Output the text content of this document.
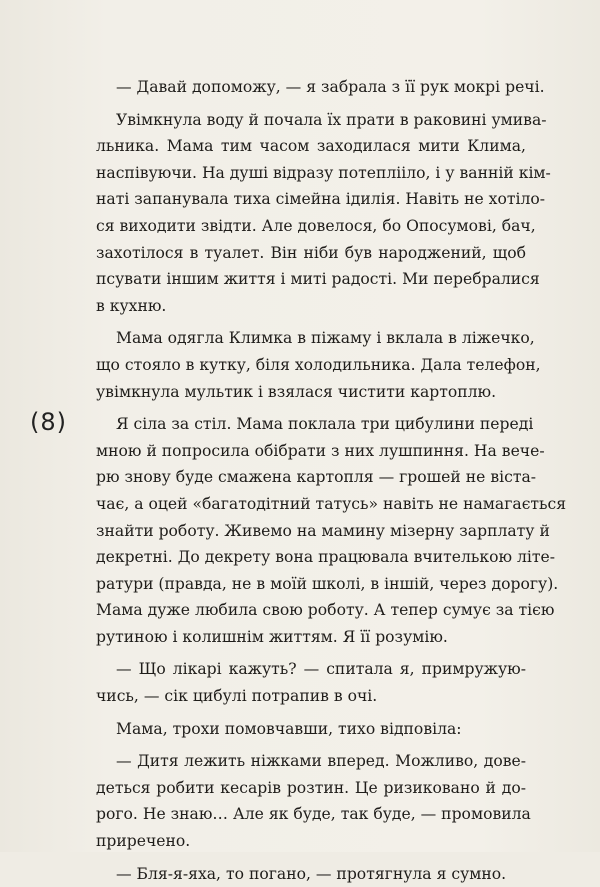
(8)
— Давай допоможу, — я забрала з її рук мокрі речі.
Увімкнула воду й почала їх прати в раковині умива-
льника. Мама тим часом заходилася мити Клима,
наспівуючи. На душі відразу потеплііло, і у ванній кім-
наті запанувала тиха сімейна ідилія. Навіть не хотіло-
ся виходити звідти. Але довелося, бо Опосумові, бач,
захотілося в туалет. Він ніби був народжений, щоб
псувати іншим життя і миті радості. Ми перебралися
в кухню.
Мама одягла Климка в піжаму і вклала в ліжечко,
що стояло в кутку, біля холодильника. Дала телефон,
увімкнула мультик і взялася чистити картоплю.
Я сіла за стіл. Мама поклала три цибулини переді
мною й попросила обібрати з них лушпиння. На вече-
рю знову буде смажена картопля — грошей не віста-
чає, а оцей «багатодітний татусь» навіть не намагається
знайти роботу. Живемо на мамину мізерну зарплату й
декретні. До декрету вона працювала вчителькою літе-
ратури (правда, не в моїй школі, в іншій, через дорогу).
Мама дуже любила свою роботу. А тепер сумує за тією
рутиною і колишнім життям. Я її розумію.
— Що лікарі кажуть? — спитала я, примружую-
чись, — сік цибулі потрапив в очі.
Мама, трохи помовчавши, тихо відповіла:
— Дитя лежить ніжками вперед. Можливо, дове-
деться робити кесарів розтин. Це ризиковано й до-
рого. Не знаю… Але як буде, так буде, — промовила
приречено.
— Бля-я-яха, то погано, — протягнула я сумно.
